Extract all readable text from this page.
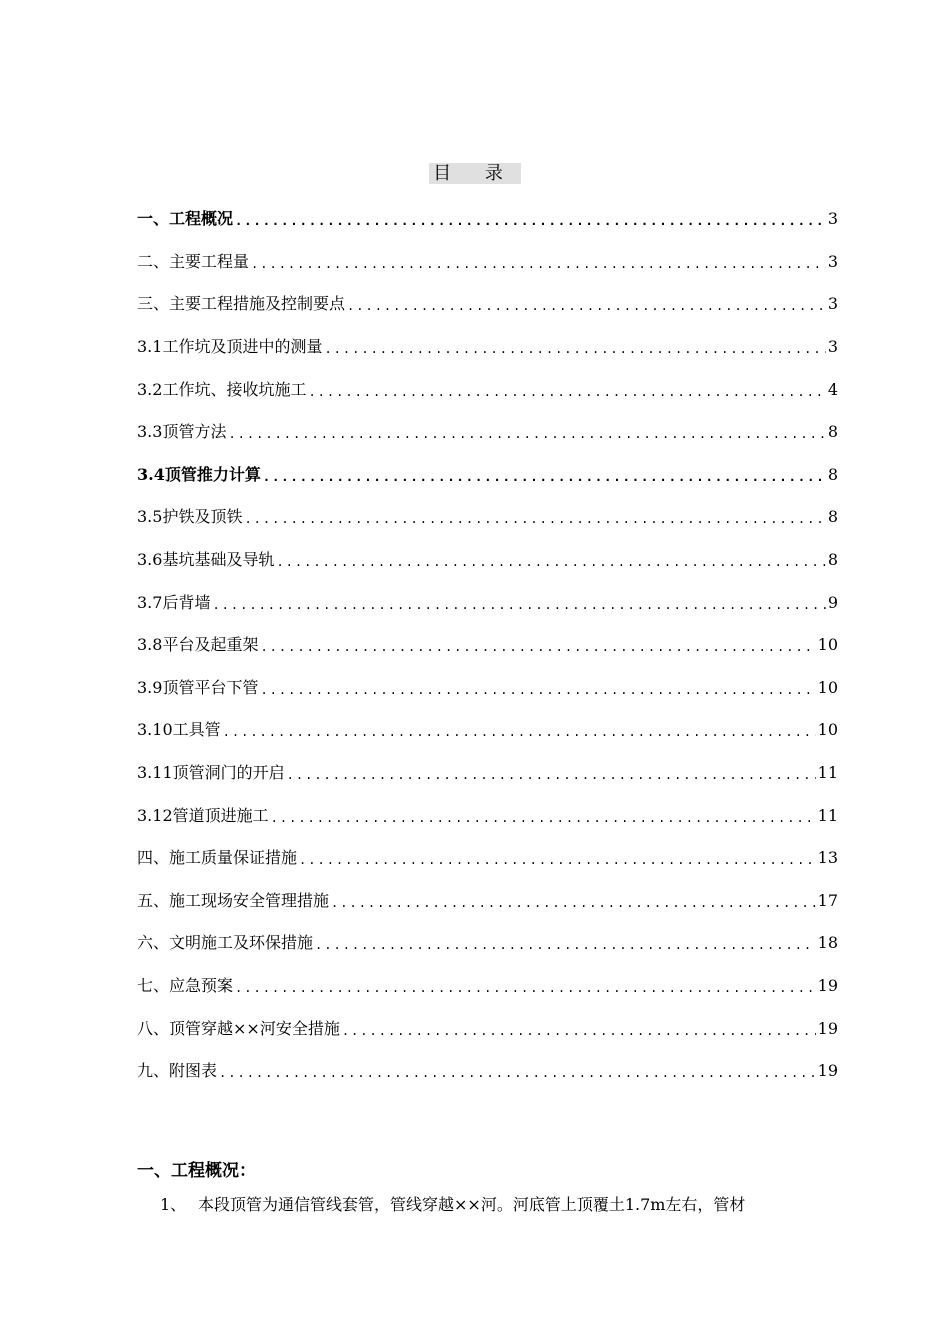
目 录
一、工程概况 .....	3
二、主要工程量 .....	3
三、主要工程措施及控制要点 .....	3
3.1工作坑及顶进中的测量 .....	3
3.2工作坑、接收坑施工 .....	4
3.3顶管方法 .....	8
3.4顶管推力计算 .....	8
3.5护铁及顶铁 .....	8
3.6基坑基础及导轨 .....	8
3.7后背墙 .....	9
3.8平台及起重架 .....	10
3.9顶管平台下管 .....	10
3.10工具管 .....	10
3.11顶管洞门的开启 .....	11
3.12管道顶进施工 .....	11
四、施工质量保证措施 .....	13
五、施工现场安全管理措施 .....	17
六、文明施工及环保措施 .....	18
七、应急预案 .....	19
八、顶管穿越××河安全措施 .....	19
九、附图表 .....	19
一、工程概况：
1、 本段顶管为通信管线套管，管线穿越××河。河底管上顶覆土1.7m左右，管材
